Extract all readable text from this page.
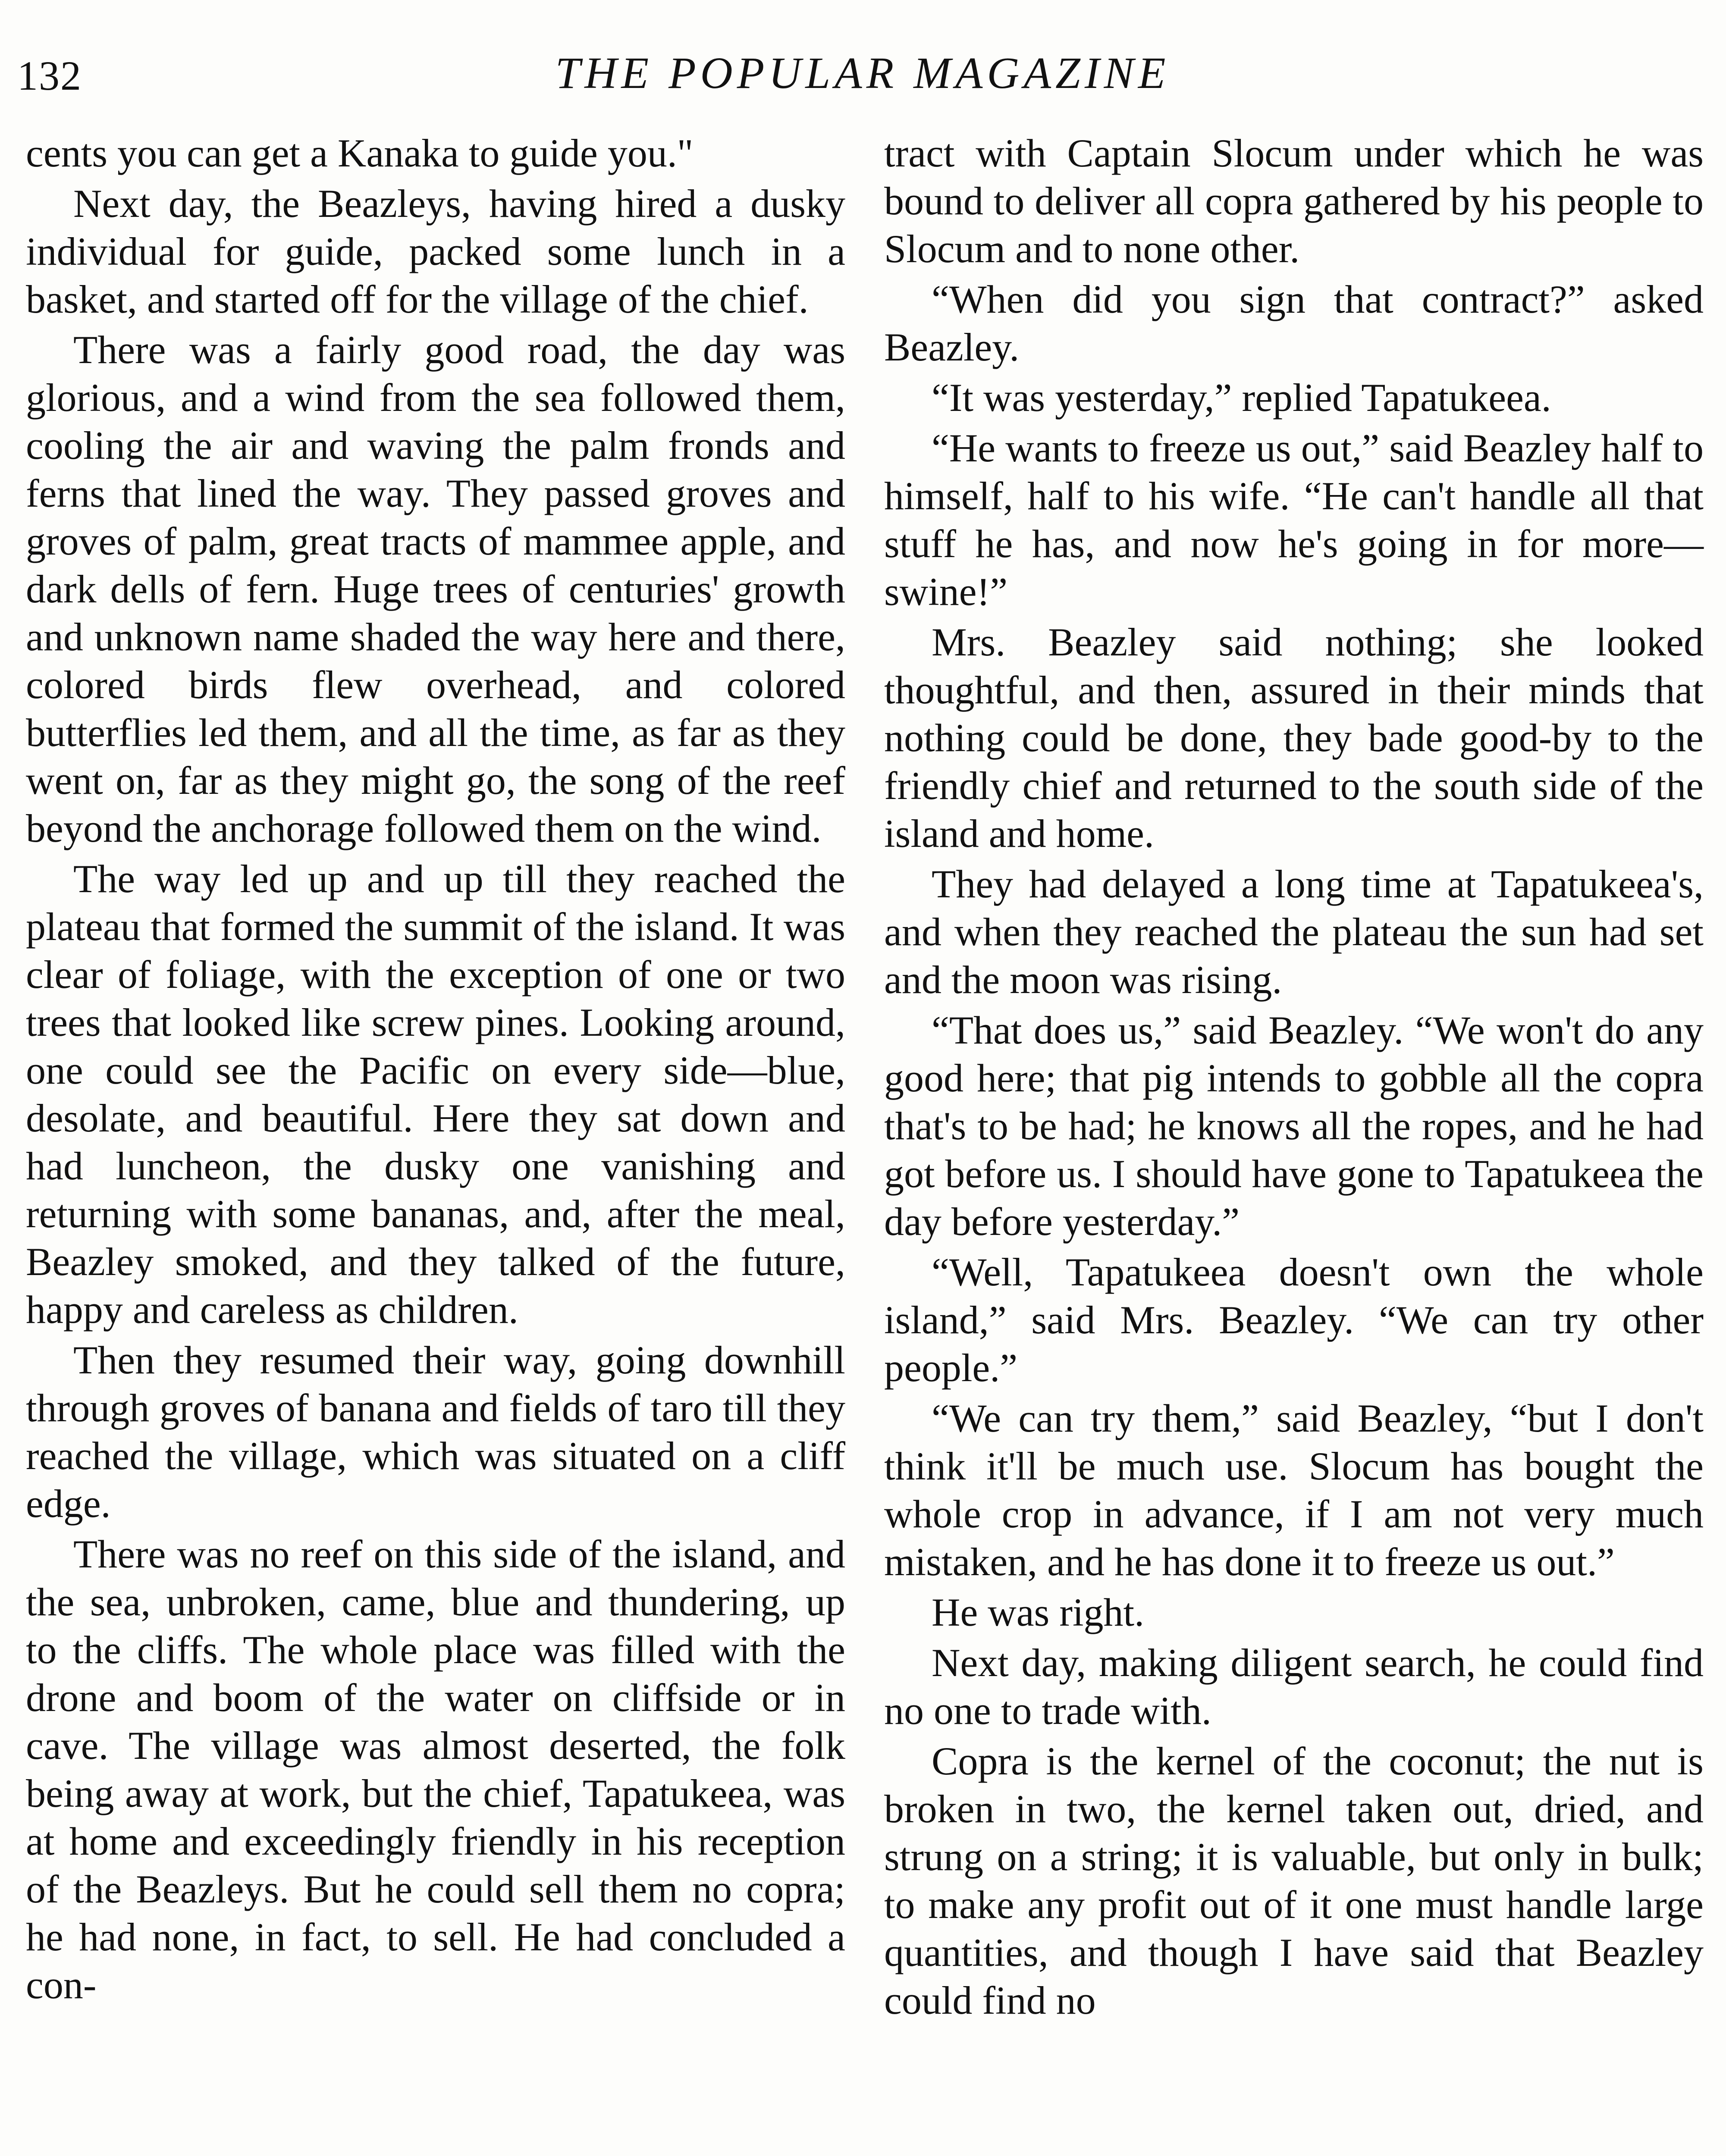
132	THE POPULAR MAGAZINE

cents you can get a Kanaka to guide you."

Next day, the Beazleys, having hired a dusky individual for guide, packed some lunch in a basket, and started off for the village of the chief.

There was a fairly good road, the day was glorious, and a wind from the sea followed them, cooling the air and waving the palm fronds and ferns that lined the way. They passed groves and groves of palm, great tracts of mammee apple, and dark dells of fern. Huge trees of centuries' growth and unknown name shaded the way here and there, colored birds flew overhead, and colored butterflies led them, and all the time, as far as they went on, far as they might go, the song of the reef beyond the anchorage followed them on the wind.

The way led up and up till they reached the plateau that formed the summit of the island. It was clear of foliage, with the exception of one or two trees that looked like screw pines. Looking around, one could see the Pacific on every side—blue, desolate, and beautiful. Here they sat down and had luncheon, the dusky one vanishing and returning with some bananas, and, after the meal, Beazley smoked, and they talked of the future, happy and careless as children.

Then they resumed their way, going downhill through groves of banana and fields of taro till they reached the village, which was situated on a cliff edge.

There was no reef on this side of the island, and the sea, unbroken, came, blue and thundering, up to the cliffs. The whole place was filled with the drone and boom of the water on cliffside or in cave. The village was almost deserted, the folk being away at work, but the chief, Tapatukeea, was at home and exceedingly friendly in his reception of the Beazleys. But he could sell them no copra; he had none, in fact, to sell. He had concluded a con-

tract with Captain Slocum under which he was bound to deliver all copra gathered by his people to Slocum and to none other.

“When did you sign that contract?” asked Beazley.

“It was yesterday,” replied Tapatukeea.

“He wants to freeze us out,” said Beazley half to himself, half to his wife. “He can't handle all that stuff he has, and now he's going in for more—swine!”

Mrs. Beazley said nothing; she looked thoughtful, and then, assured in their minds that nothing could be done, they bade good-by to the friendly chief and returned to the south side of the island and home.

They had delayed a long time at Tapatukeea's, and when they reached the plateau the sun had set and the moon was rising.

“That does us,” said Beazley. “We won't do any good here; that pig intends to gobble all the copra that's to be had; he knows all the ropes, and he had got before us. I should have gone to Tapatukeea the day before yesterday.”

“Well, Tapatukeea doesn't own the whole island,” said Mrs. Beazley. “We can try other people.”

“We can try them,” said Beazley, “but I don't think it'll be much use. Slocum has bought the whole crop in advance, if I am not very much mistaken, and he has done it to freeze us out.”

He was right.

Next day, making diligent search, he could find no one to trade with.

Copra is the kernel of the coconut; the nut is broken in two, the kernel taken out, dried, and strung on a string; it is valuable, but only in bulk; to make any profit out of it one must handle large quantities, and though I have said that Beazley could find no
